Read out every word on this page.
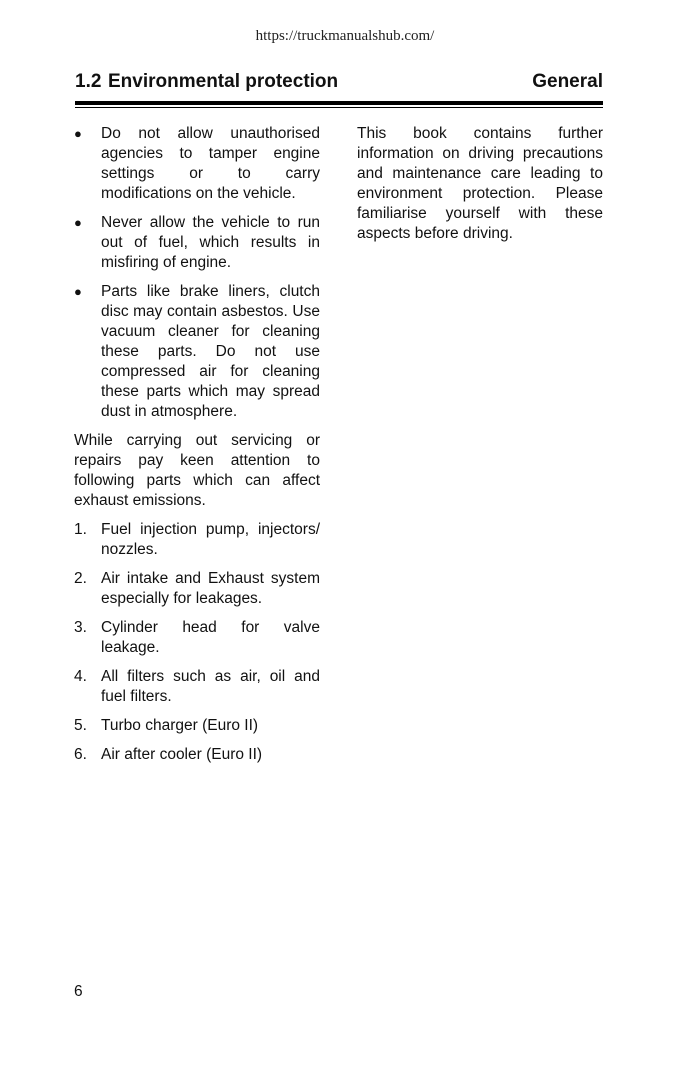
https://truckmanualshub.com/
1.2 Environmental protection	General
● Do not allow unauthorised agencies to tamper engine settings or to carry modifications on the vehicle.
● Never allow the vehicle to run out of fuel, which results in misfiring of engine.
● Parts like brake liners, clutch disc may contain asbestos. Use vacuum cleaner for cleaning these parts. Do not use compressed air for cleaning these parts which may spread dust in atmosphere.
While carrying out servicing or repairs pay keen attention to following parts which can affect exhaust emissions.
1. Fuel injection pump, injectors/ nozzles.
2. Air intake and Exhaust system especially for leakages.
3. Cylinder head for valve leakage.
4. All filters such as air, oil and fuel filters.
5. Turbo charger (Euro II)
6. Air after cooler (Euro II)
This book contains further information on driving precautions and maintenance care leading to environment protection. Please familiarise yourself with these aspects before driving.
6
